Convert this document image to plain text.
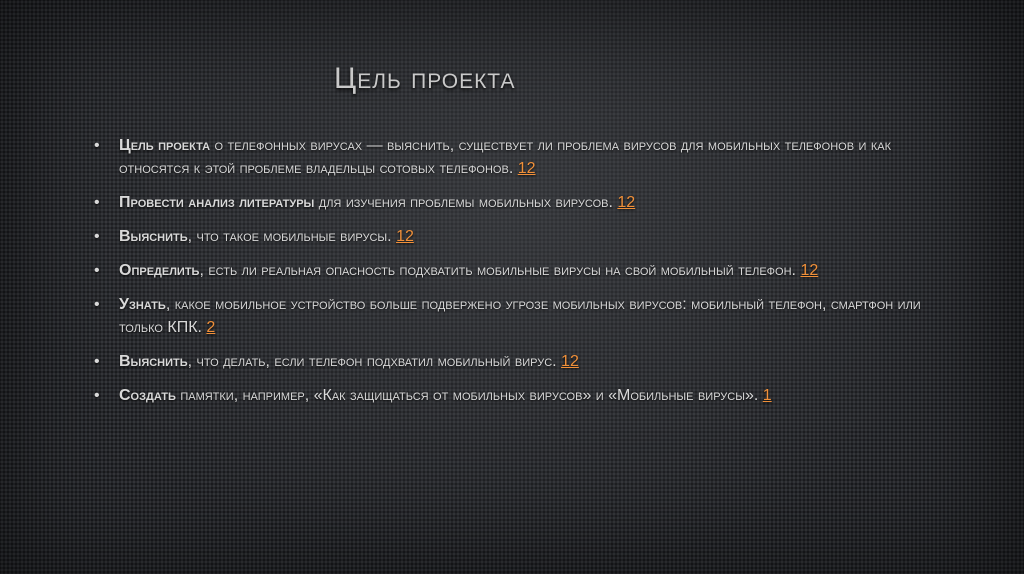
Цель проекта
• Цель проекта о телефонных вирусах — выяснить, существует ли проблема вирусов для мобильных телефонов и как относятся к этой проблеме владельцы сотовых телефонов. 12
• Провести анализ литературы для изучения проблемы мобильных вирусов. 12
• Выяснить, что такое мобильные вирусы. 12
• Определить, есть ли реальная опасность подхватить мобильные вирусы на свой мобильный телефон. 12
• Узнать, какое мобильное устройство больше подвержено угрозе мобильных вирусов: мобильный телефон, смартфон или только КПК. 2
• Выяснить, что делать, если телефон подхватил мобильный вирус. 12
• Создать памятки, например, «Как защищаться от мобильных вирусов» и «Мобильные вирусы». 1
